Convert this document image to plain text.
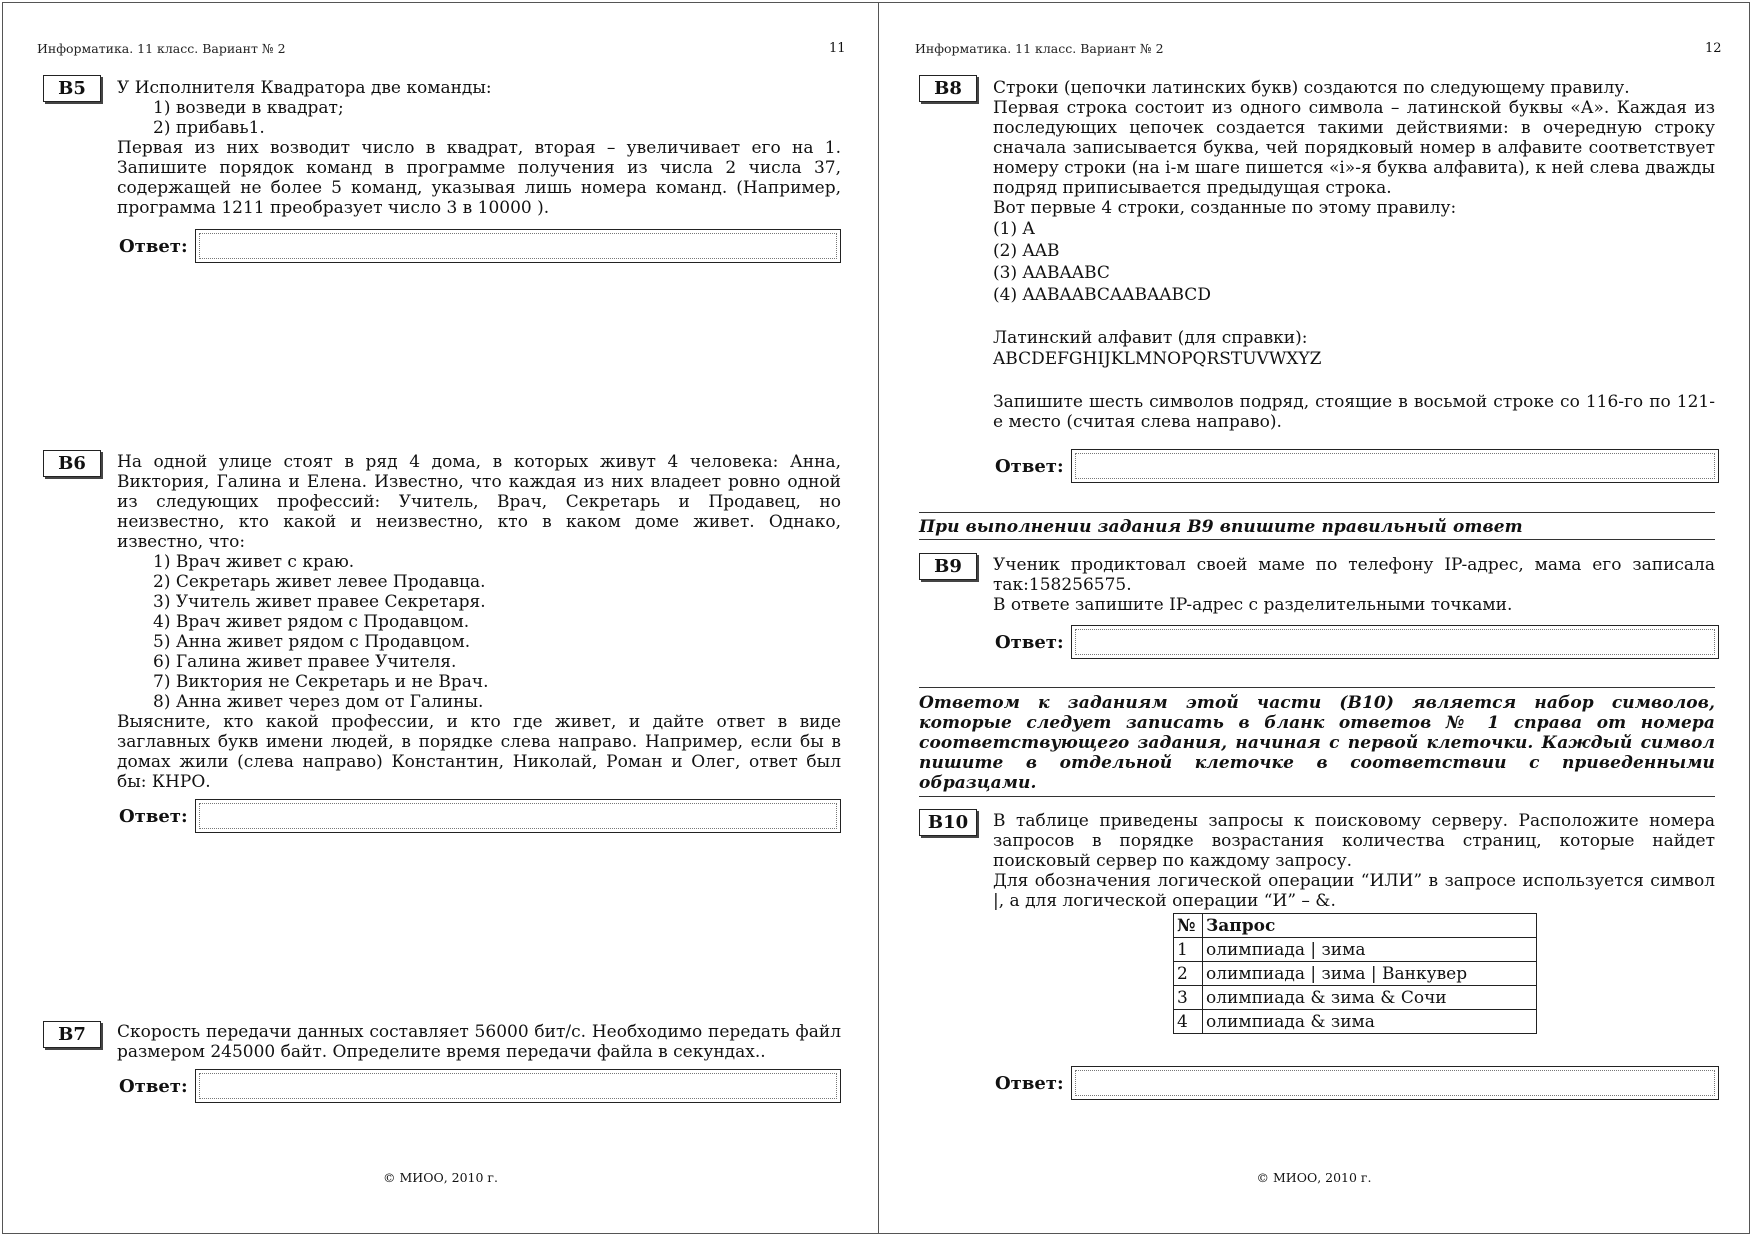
Информатика. 11 класс. Вариант № 2	11
B5	У Исполнителя Квадратора две команды:
1) возведи в квадрат;
2) прибавь1.
Первая из них возводит число в квадрат, вторая – увеличивает его на 1. Запишите порядок команд в программе получения из числа 2 числа 37, содержащей не более 5 команд, указывая лишь номера команд. (Например, программа 1211 преобразует число 3 в 10000 ).
Ответ:
B6	На одной улице стоят в ряд 4 дома, в которых живут 4 человека: Анна, Виктория, Галина и Елена. Известно, что каждая из них владеет ровно одной из следующих профессий: Учитель, Врач, Секретарь и Продавец, но неизвестно, кто какой и неизвестно, кто в каком доме живет. Однако, известно, что:
1) Врач живет с краю.
2) Секретарь живет левее Продавца.
3) Учитель живет правее Секретаря.
4) Врач живет рядом с Продавцом.
5) Анна живет рядом с Продавцом.
6) Галина живет правее Учителя.
7) Виктория не Секретарь и не Врач.
8) Анна живет через дом от Галины.
Выясните, кто какой профессии, и кто где живет, и дайте ответ в виде заглавных букв имени людей, в порядке слева направо. Например, если бы в домах жили (слева направо) Константин, Николай, Роман и Олег, ответ был бы: КНРО.
Ответ:
B7	Скорость передачи данных составляет 56000 бит/с. Необходимо передать файл размером 245000 байт. Определите время передачи файла в секундах..
Ответ:
© МИОО, 2010 г.
Информатика. 11 класс. Вариант № 2	12
B8	Строки (цепочки латинских букв) создаются по следующему правилу.
Первая строка состоит из одного символа – латинской буквы «А». Каждая из последующих цепочек создается такими действиями: в очередную строку сначала записывается буква, чей порядковый номер в алфавите соответствует номеру строки (на i-м шаге пишется «i»-я буква алфавита), к ней слева дважды подряд приписывается предыдущая строка.
Вот первые 4 строки, созданные по этому правилу:
(1) A
(2) AAB
(3) AABAABC
(4) AABAABCAABAABCD
Латинский алфавит (для справки):
ABCDEFGHIJKLMNOPQRSTUVWXYZ
Запишите шесть символов подряд, стоящие в восьмой строке со 116-го по 121-е место (считая слева направо).
Ответ:
При выполнении задания В9 впишите правильный ответ
B9	Ученик продиктовал своей маме по телефону IP-адрес, мама его записала так:158256575.
В ответе запишите IP-адрес с разделительными точками.
Ответ:
Ответом к заданиям этой части (В10) является набор символов, которые следует записать в бланк ответов № 1 справа от номера соответствующего задания, начиная с первой клеточки. Каждый символ пишите в отдельной клеточке в соответствии с приведенными образцами.
B10	В таблице приведены запросы к поисковому серверу. Расположите номера запросов в порядке возрастания количества страниц, которые найдет поисковый сервер по каждому запросу.
Для обозначения логической операции “ИЛИ” в запросе используется символ |, а для логической операции “И” – &.
№	Запрос
1	олимпиада | зима
2	олимпиада | зима | Ванкувер
3	олимпиада & зима & Сочи
4	олимпиада & зима
Ответ:
© МИОО, 2010 г.
